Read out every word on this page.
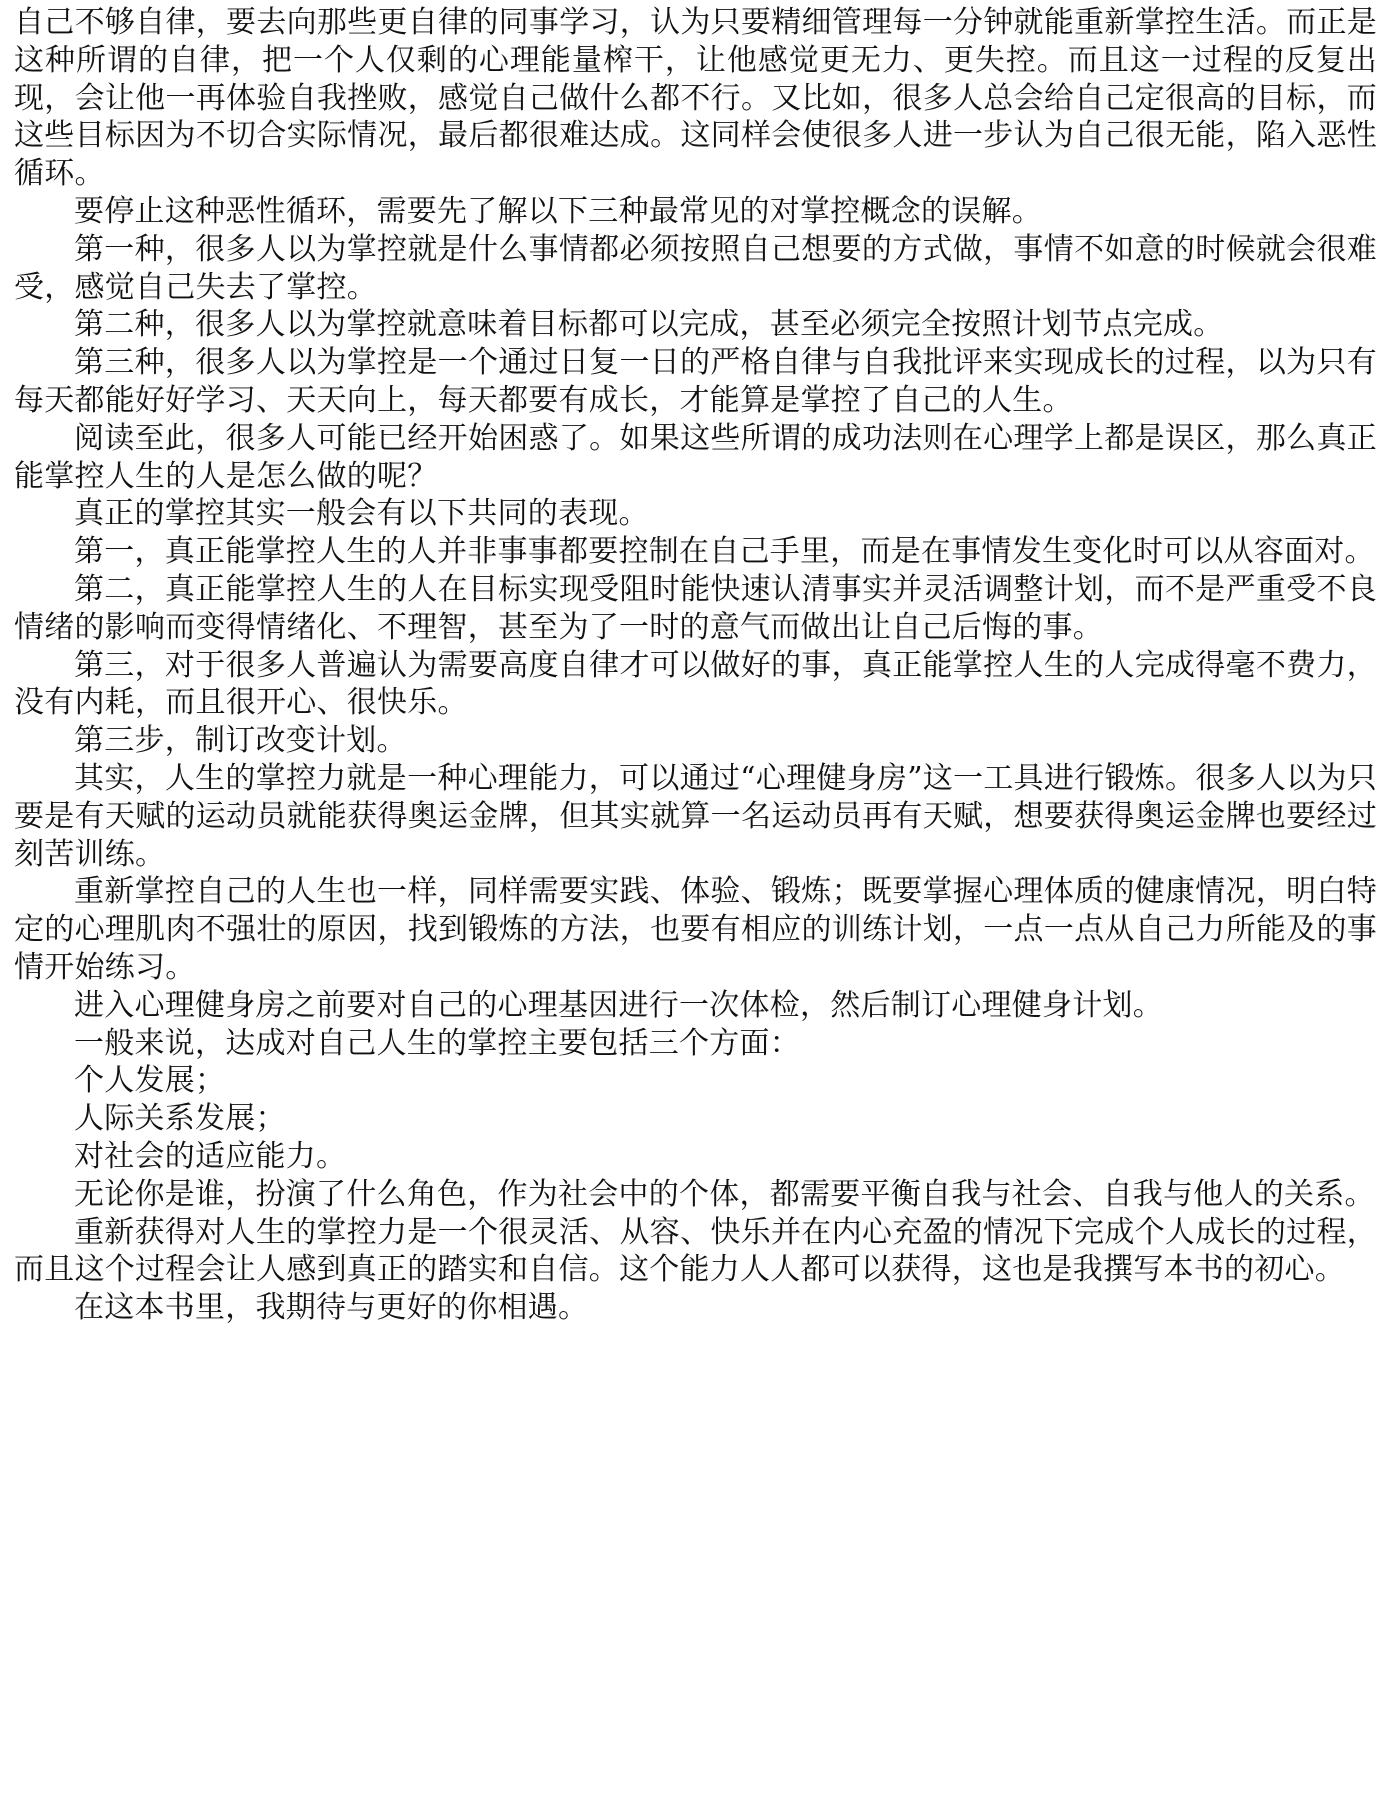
自己不够自律，要去向那些更自律的同事学习，认为只要精细管理每一分钟就能重新掌控生活。而正是这种所谓的自律，把一个人仅剩的心理能量榨干，让他感觉更无力、更失控。而且这一过程的反复出现，会让他一再体验自我挫败，感觉自己做什么都不行。又比如，很多人总会给自己定很高的目标，而这些目标因为不切合实际情况，最后都很难达成。这同样会使很多人进一步认为自己很无能，陷入恶性循环。

要停止这种恶性循环，需要先了解以下三种最常见的对掌控概念的误解。

第一种，很多人以为掌控就是什么事情都必须按照自己想要的方式做，事情不如意的时候就会很难受，感觉自己失去了掌控。

第二种，很多人以为掌控就意味着目标都可以完成，甚至必须完全按照计划节点完成。

第三种，很多人以为掌控是一个通过日复一日的严格自律与自我批评来实现成长的过程，以为只有每天都能好好学习、天天向上，每天都要有成长，才能算是掌控了自己的人生。

阅读至此，很多人可能已经开始困惑了。如果这些所谓的成功法则在心理学上都是误区，那么真正能掌控人生的人是怎么做的呢？

真正的掌控其实一般会有以下共同的表现。

第一，真正能掌控人生的人并非事事都要控制在自己手里，而是在事情发生变化时可以从容面对。

第二，真正能掌控人生的人在目标实现受阻时能快速认清事实并灵活调整计划，而不是严重受不良情绪的影响而变得情绪化、不理智，甚至为了一时的意气而做出让自己后悔的事。

第三，对于很多人普遍认为需要高度自律才可以做好的事，真正能掌控人生的人完成得毫不费力，没有内耗，而且很开心、很快乐。

第三步，制订改变计划。

其实，人生的掌控力就是一种心理能力，可以通过“心理健身房”这一工具进行锻炼。很多人以为只要是有天赋的运动员就能获得奥运金牌，但其实就算一名运动员再有天赋，想要获得奥运金牌也要经过刻苦训练。

重新掌控自己的人生也一样，同样需要实践、体验、锻炼；既要掌握心理体质的健康情况，明白特定的心理肌肉不强壮的原因，找到锻炼的方法，也要有相应的训练计划，一点一点从自己力所能及的事情开始练习。

进入心理健身房之前要对自己的心理基因进行一次体检，然后制订心理健身计划。

一般来说，达成对自己人生的掌控主要包括三个方面：

个人发展；

人际关系发展；

对社会的适应能力。

无论你是谁，扮演了什么角色，作为社会中的个体，都需要平衡自我与社会、自我与他人的关系。

重新获得对人生的掌控力是一个很灵活、从容、快乐并在内心充盈的情况下完成个人成长的过程，而且这个过程会让人感到真正的踏实和自信。这个能力人人都可以获得，这也是我撰写本书的初心。

在这本书里，我期待与更好的你相遇。
